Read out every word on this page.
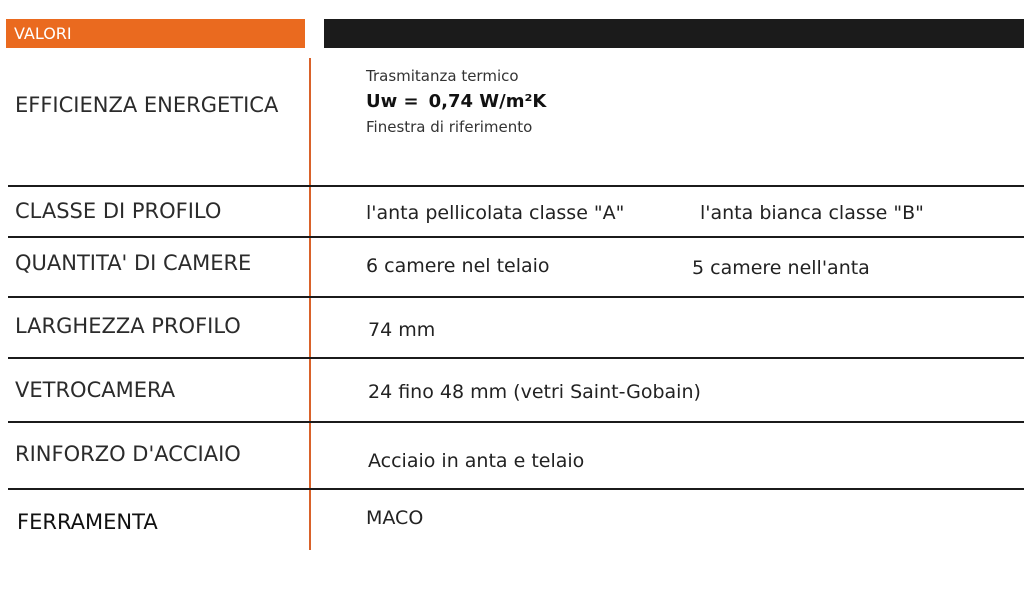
VALORI
EFFICIENZA ENERGETICA
Trasmitanza termico
Uw = 0,74 W/m²K
Finestra di riferimento
CLASSE DI PROFILO	l'anta pellicolata classe "A"	l'anta bianca classe "B"
QUANTITA' DI CAMERE	6 camere nel telaio	5 camere nell'anta
LARGHEZZA PROFILO	74 mm
VETROCAMERA	24 fino 48 mm (vetri Saint-Gobain)
RINFORZO D'ACCIAIO	Acciaio in anta e telaio
FERRAMENTA	MACO
